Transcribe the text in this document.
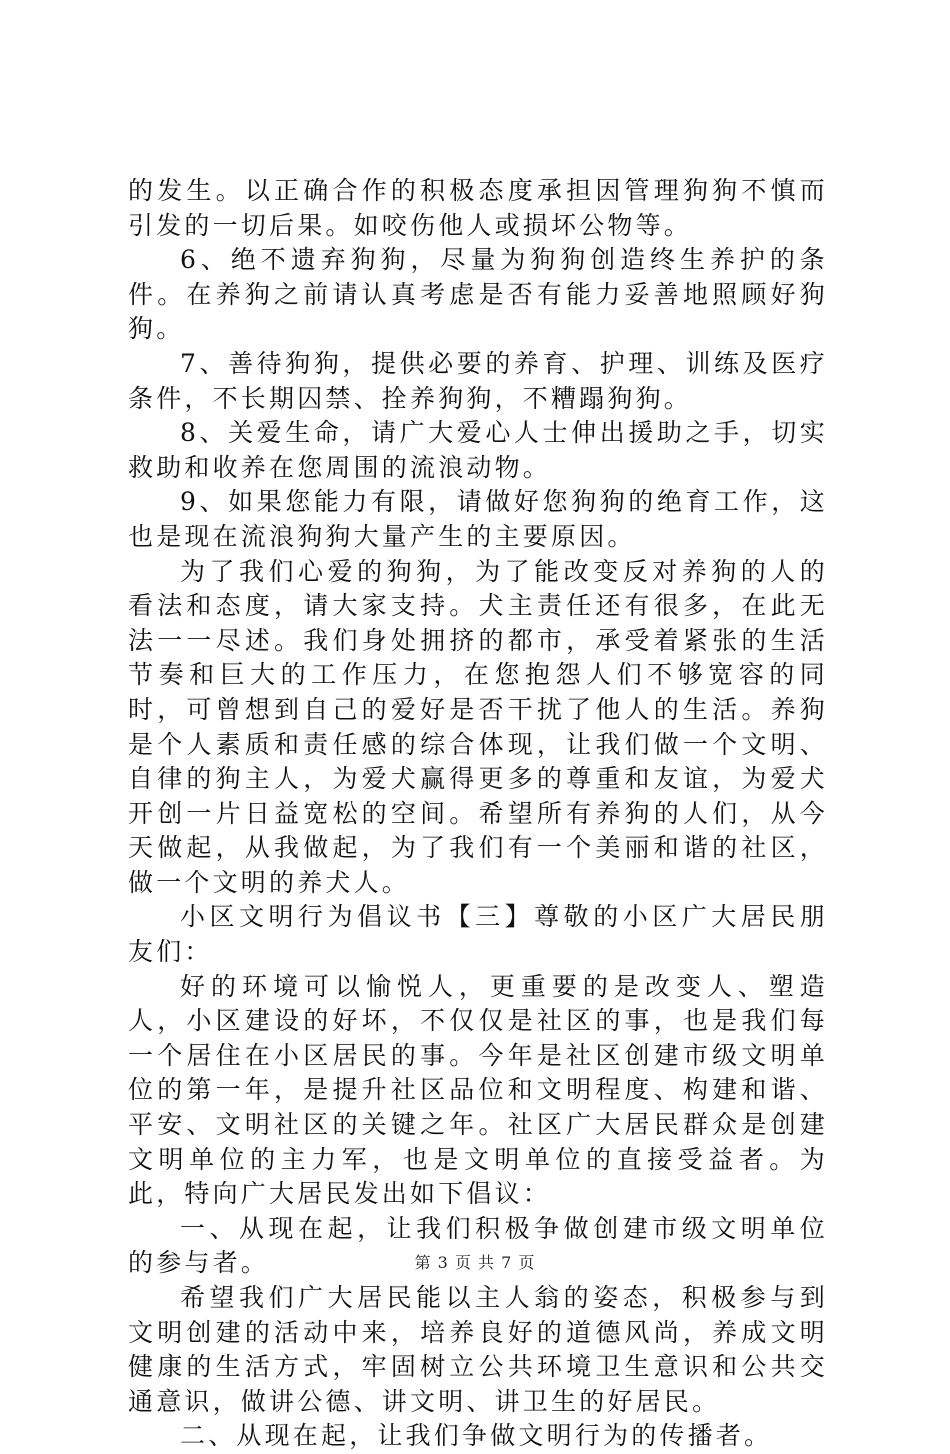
的发生。以正确合作的积极态度承担因管理狗狗不慎而引发的一切后果。如咬伤他人或损坏公物等。

6、绝不遗弃狗狗，尽量为狗狗创造终生养护的条件。在养狗之前请认真考虑是否有能力妥善地照顾好狗狗。

7、善待狗狗，提供必要的养育、护理、训练及医疗条件，不长期囚禁、拴养狗狗，不糟蹋狗狗。

8、关爱生命，请广大爱心人士伸出援助之手，切实救助和收养在您周围的流浪动物。

9、如果您能力有限，请做好您狗狗的绝育工作，这也是现在流浪狗狗大量产生的主要原因。

为了我们心爱的狗狗，为了能改变反对养狗的人的看法和态度，请大家支持。犬主责任还有很多，在此无法一一尽述。我们身处拥挤的都市，承受着紧张的生活节奏和巨大的工作压力，在您抱怨人们不够宽容的同时，可曾想到自己的爱好是否干扰了他人的生活。养狗是个人素质和责任感的综合体现，让我们做一个文明、自律的狗主人，为爱犬赢得更多的尊重和友谊，为爱犬开创一片日益宽松的空间。希望所有养狗的人们，从今天做起，从我做起，为了我们有一个美丽和谐的社区，做一个文明的养犬人。

小区文明行为倡议书【三】尊敬的小区广大居民朋友们：

好的环境可以愉悦人，更重要的是改变人、塑造人，小区建设的好坏，不仅仅是社区的事，也是我们每一个居住在小区居民的事。今年是社区创建市级文明单位的第一年，是提升社区品位和文明程度、构建和谐、平安、文明社区的关键之年。社区广大居民群众是创建文明单位的主力军，也是文明单位的直接受益者。为此，特向广大居民发出如下倡议：

一、从现在起，让我们积极争做创建市级文明单位的参与者。

希望我们广大居民能以主人翁的姿态，积极参与到文明创建的活动中来，培养良好的道德风尚，养成文明健康的生活方式，牢固树立公共环境卫生意识和公共交通意识，做讲公德、讲文明、讲卫生的好居民。

二、从现在起，让我们争做文明行为的传播者。

第 3 页 共 7 页
